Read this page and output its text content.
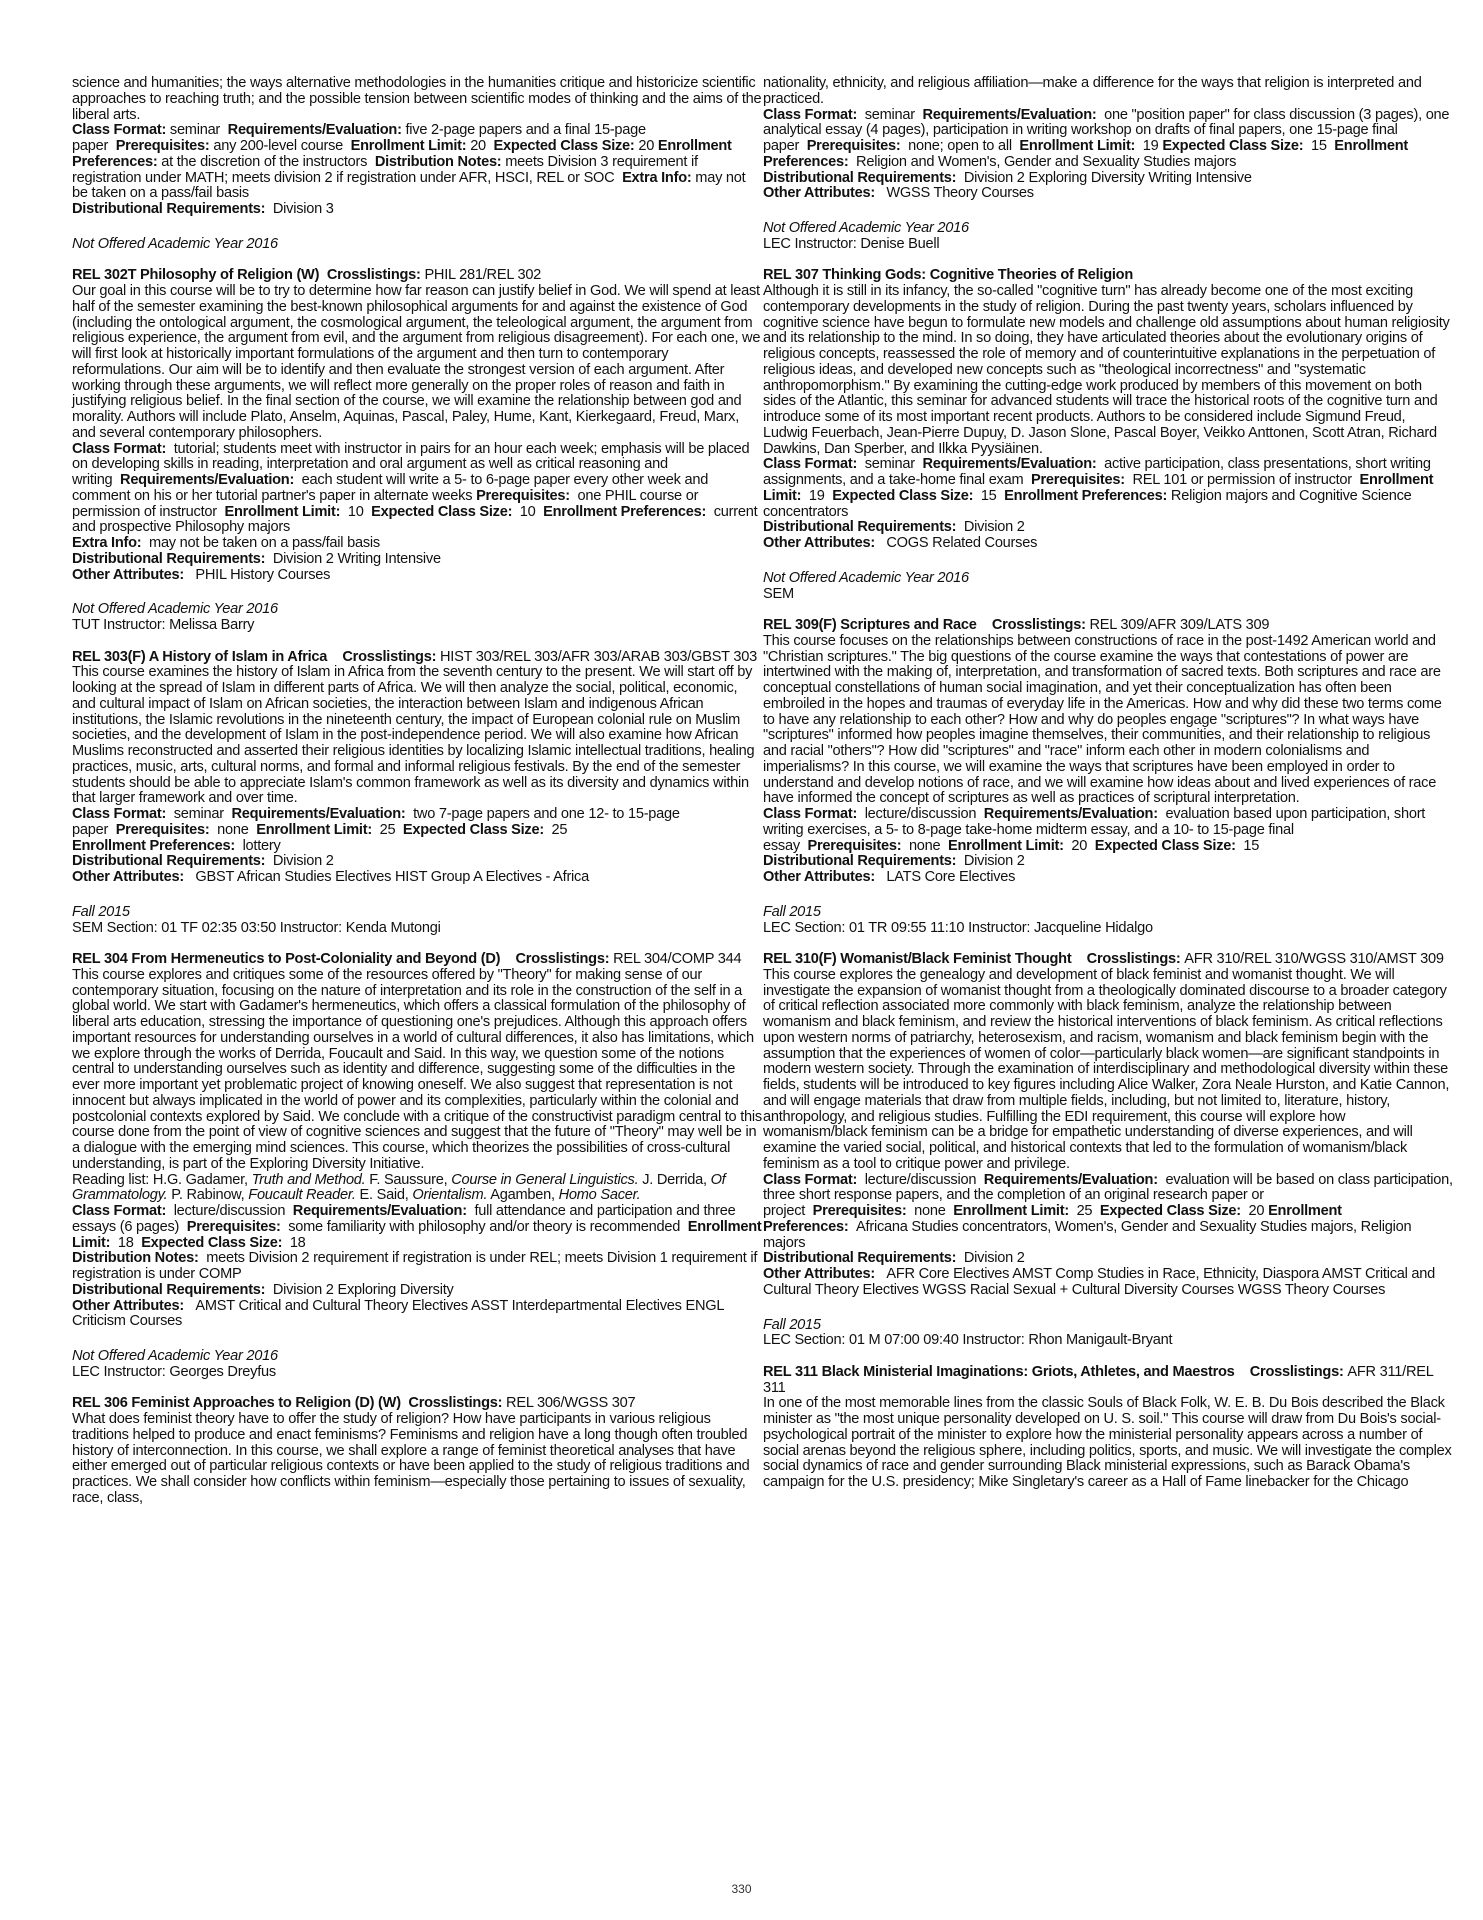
science and humanities; the ways alternative methodologies in the humanities critique and historicize scientific approaches to reaching truth; and the possible tension between scientific modes of thinking and the aims of the liberal arts.

Class Format: seminar Requirements/Evaluation: five 2-page papers and a final 15-page paper Prerequisites: any 200-level course Enrollment Limit: 20 Expected Class Size: 20 Enrollment Preferences: at the discretion of the instructors Distribution Notes: meets Division 3 requirement if registration under MATH; meets division 2 if registration under AFR, HSCI, REL or SOC Extra Info: may not be taken on a pass/fail basis

Distributional Requirements: Division 3

Not Offered Academic Year 2016

REL 302T Philosophy of Religion (W) Crosslistings: PHIL 281/REL 302

Our goal in this course will be to try to determine how far reason can justify belief in God. We will spend at least half of the semester examining the best-known philosophical arguments for and against the existence of God (including the ontological argument, the cosmological argument, the teleological argument, the argument from religious experience, the argument from evil, and the argument from religious disagreement). For each one, we will first look at historically important formulations of the argument and then turn to contemporary reformulations. Our aim will be to identify and then evaluate the strongest version of each argument. After working through these arguments, we will reflect more generally on the proper roles of reason and faith in justifying religious belief. In the final section of the course, we will examine the relationship between god and morality. Authors will include Plato, Anselm, Aquinas, Pascal, Paley, Hume, Kant, Kierkegaard, Freud, Marx, and several contemporary philosophers.

Class Format: tutorial; students meet with instructor in pairs for an hour each week; emphasis will be placed on developing skills in reading, interpretation and oral argument as well as critical reasoning and writing Requirements/Evaluation: each student will write a 5- to 6-page paper every other week and comment on his or her tutorial partner's paper in alternate weeks Prerequisites: one PHIL course or permission of instructor Enrollment Limit: 10 Expected Class Size: 10 Enrollment Preferences: current and prospective Philosophy majors

Extra Info: may not be taken on a pass/fail basis

Distributional Requirements: Division 2 Writing Intensive

Other Attributes: PHIL History Courses

Not Offered Academic Year 2016

TUT Instructor: Melissa Barry

REL 303(F) A History of Islam in Africa Crosslistings: HIST 303/REL 303/AFR 303/ARAB 303/GBST 303

This course examines the history of Islam in Africa from the seventh century to the present. We will start off by looking at the spread of Islam in different parts of Africa. We will then analyze the social, political, economic, and cultural impact of Islam on African societies, the interaction between Islam and indigenous African institutions, the Islamic revolutions in the nineteenth century, the impact of European colonial rule on Muslim societies, and the development of Islam in the post-independence period. We will also examine how African Muslims reconstructed and asserted their religious identities by localizing Islamic intellectual traditions, healing practices, music, arts, cultural norms, and formal and informal religious festivals. By the end of the semester students should be able to appreciate Islam's common framework as well as its diversity and dynamics within that larger framework and over time.

Class Format: seminar Requirements/Evaluation: two 7-page papers and one 12- to 15-page paper Prerequisites: none Enrollment Limit: 25 Expected Class Size: 25

Enrollment Preferences: lottery

Distributional Requirements: Division 2

Other Attributes: GBST African Studies Electives HIST Group A Electives - Africa

Fall 2015

SEM Section: 01 TF 02:35 03:50 Instructor: Kenda Mutongi

REL 304 From Hermeneutics to Post-Coloniality and Beyond (D) Crosslistings: REL 304/COMP 344

This course explores and critiques some of the resources offered by "Theory" for making sense of our contemporary situation, focusing on the nature of interpretation and its role in the construction of the self in a global world. We start with Gadamer's hermeneutics, which offers a classical formulation of the philosophy of liberal arts education, stressing the importance of questioning one's prejudices. Although this approach offers important resources for understanding ourselves in a world of cultural differences, it also has limitations, which we explore through the works of Derrida, Foucault and Said. In this way, we question some of the notions central to understanding ourselves such as identity and difference, suggesting some of the difficulties in the ever more important yet problematic project of knowing oneself. We also suggest that representation is not innocent but always implicated in the world of power and its complexities, particularly within the colonial and postcolonial contexts explored by Said. We conclude with a critique of the constructivist paradigm central to this course done from the point of view of cognitive sciences and suggest that the future of "Theory" may well be in a dialogue with the emerging mind sciences. This course, which theorizes the possibilities of cross-cultural understanding, is part of the Exploring Diversity Initiative.

Reading list: H.G. Gadamer, Truth and Method. F. Saussure, Course in General Linguistics. J. Derrida, Of Grammatology. P. Rabinow, Foucault Reader. E. Said, Orientalism. Agamben, Homo Sacer.

Class Format: lecture/discussion Requirements/Evaluation: full attendance and participation and three essays (6 pages) Prerequisites: some familiarity with philosophy and/or theory is recommended Enrollment Limit: 18 Expected Class Size: 18

Distribution Notes: meets Division 2 requirement if registration is under REL; meets Division 1 requirement if registration is under COMP

Distributional Requirements: Division 2 Exploring Diversity

Other Attributes: AMST Critical and Cultural Theory Electives ASST Interdepartmental Electives ENGL Criticism Courses

Not Offered Academic Year 2016

LEC Instructor: Georges Dreyfus

REL 306 Feminist Approaches to Religion (D) (W) Crosslistings: REL 306/WGSS 307

What does feminist theory have to offer the study of religion? How have participants in various religious traditions helped to produce and enact feminisms? Feminisms and religion have a long though often troubled history of interconnection. In this course, we shall explore a range of feminist theoretical analyses that have either emerged out of particular religious contexts or have been applied to the study of religious traditions and practices. We shall consider how conflicts within feminism—especially those pertaining to issues of sexuality, race, class,

nationality, ethnicity, and religious affiliation—make a difference for the ways that religion is interpreted and practiced.

Class Format: seminar Requirements/Evaluation: one "position paper" for class discussion (3 pages), one analytical essay (4 pages), participation in writing workshop on drafts of final papers, one 15-page final paper Prerequisites: none; open to all Enrollment Limit: 19 Expected Class Size: 15 Enrollment Preferences: Religion and Women's, Gender and Sexuality Studies majors

Distributional Requirements: Division 2 Exploring Diversity Writing Intensive

Other Attributes: WGSS Theory Courses

Not Offered Academic Year 2016

LEC Instructor: Denise Buell

REL 307 Thinking Gods: Cognitive Theories of Religion

Although it is still in its infancy, the so-called "cognitive turn" has already become one of the most exciting contemporary developments in the study of religion. During the past twenty years, scholars influenced by cognitive science have begun to formulate new models and challenge old assumptions about human religiosity and its relationship to the mind. In so doing, they have articulated theories about the evolutionary origins of religious concepts, reassessed the role of memory and of counterintuitive explanations in the perpetuation of religious ideas, and developed new concepts such as "theological incorrectness" and "systematic anthropomorphism." By examining the cutting-edge work produced by members of this movement on both sides of the Atlantic, this seminar for advanced students will trace the historical roots of the cognitive turn and introduce some of its most important recent products. Authors to be considered include Sigmund Freud, Ludwig Feuerbach, Jean-Pierre Dupuy, D. Jason Slone, Pascal Boyer, Veikko Anttonen, Scott Atran, Richard Dawkins, Dan Sperber, and Ilkka Pyysiäinen.

Class Format: seminar Requirements/Evaluation: active participation, class presentations, short writing assignments, and a take-home final exam Prerequisites: REL 101 or permission of instructor Enrollment Limit: 19 Expected Class Size: 15 Enrollment Preferences: Religion majors and Cognitive Science concentrators

Distributional Requirements: Division 2

Other Attributes: COGS Related Courses

Not Offered Academic Year 2016

SEM

REL 309(F) Scriptures and Race Crosslistings: REL 309/AFR 309/LATS 309

This course focuses on the relationships between constructions of race in the post-1492 American world and "Christian scriptures." The big questions of the course examine the ways that contestations of power are intertwined with the making of, interpretation, and transformation of sacred texts. Both scriptures and race are conceptual constellations of human social imagination, and yet their conceptualization has often been embroiled in the hopes and traumas of everyday life in the Americas. How and why did these two terms come to have any relationship to each other? How and why do peoples engage "scriptures"? In what ways have "scriptures" informed how peoples imagine themselves, their communities, and their relationship to religious and racial "others"? How did "scriptures" and "race" inform each other in modern colonialisms and imperialisms? In this course, we will examine the ways that scriptures have been employed in order to understand and develop notions of race, and we will examine how ideas about and lived experiences of race have informed the concept of scriptures as well as practices of scriptural interpretation.

Class Format: lecture/discussion Requirements/Evaluation: evaluation based upon participation, short writing exercises, a 5- to 8-page take-home midterm essay, and a 10- to 15-page final essay Prerequisites: none Enrollment Limit: 20 Expected Class Size: 15

Distributional Requirements: Division 2

Other Attributes: LATS Core Electives

Fall 2015

LEC Section: 01 TR 09:55 11:10 Instructor: Jacqueline Hidalgo

REL 310(F) Womanist/Black Feminist Thought Crosslistings: AFR 310/REL 310/WGSS 310/AMST 309

This course explores the genealogy and development of black feminist and womanist thought. We will investigate the expansion of womanist thought from a theologically dominated discourse to a broader category of critical reflection associated more commonly with black feminism, analyze the relationship between womanism and black feminism, and review the historical interventions of black feminism. As critical reflections upon western norms of patriarchy, heterosexism, and racism, womanism and black feminism begin with the assumption that the experiences of women of color—particularly black women—are significant standpoints in modern western society. Through the examination of interdisciplinary and methodological diversity within these fields, students will be introduced to key figures including Alice Walker, Zora Neale Hurston, and Katie Cannon, and will engage materials that draw from multiple fields, including, but not limited to, literature, history, anthropology, and religious studies. Fulfilling the EDI requirement, this course will explore how womanism/black feminism can be a bridge for empathetic understanding of diverse experiences, and will examine the varied social, political, and historical contexts that led to the formulation of womanism/black feminism as a tool to critique power and privilege.

Class Format: lecture/discussion Requirements/Evaluation: evaluation will be based on class participation, three short response papers, and the completion of an original research paper or project Prerequisites: none Enrollment Limit: 25 Expected Class Size: 20 Enrollment Preferences: Africana Studies concentrators, Women's, Gender and Sexuality Studies majors, Religion majors

Distributional Requirements: Division 2

Other Attributes: AFR Core Electives AMST Comp Studies in Race, Ethnicity, Diaspora AMST Critical and Cultural Theory Electives WGSS Racial Sexual + Cultural Diversity Courses WGSS Theory Courses

Fall 2015

LEC Section: 01 M 07:00 09:40 Instructor: Rhon Manigault-Bryant

REL 311 Black Ministerial Imaginations: Griots, Athletes, and Maestros Crosslistings: AFR 311/REL 311

In one of the most memorable lines from the classic Souls of Black Folk, W. E. B. Du Bois described the Black minister as "the most unique personality developed on U. S. soil." This course will draw from Du Bois's social-psychological portrait of the minister to explore how the ministerial personality appears across a number of social arenas beyond the religious sphere, including politics, sports, and music. We will investigate the complex social dynamics of race and gender surrounding Black ministerial expressions, such as Barack Obama's campaign for the U.S. presidency; Mike Singletary's career as a Hall of Fame linebacker for the Chicago

330
